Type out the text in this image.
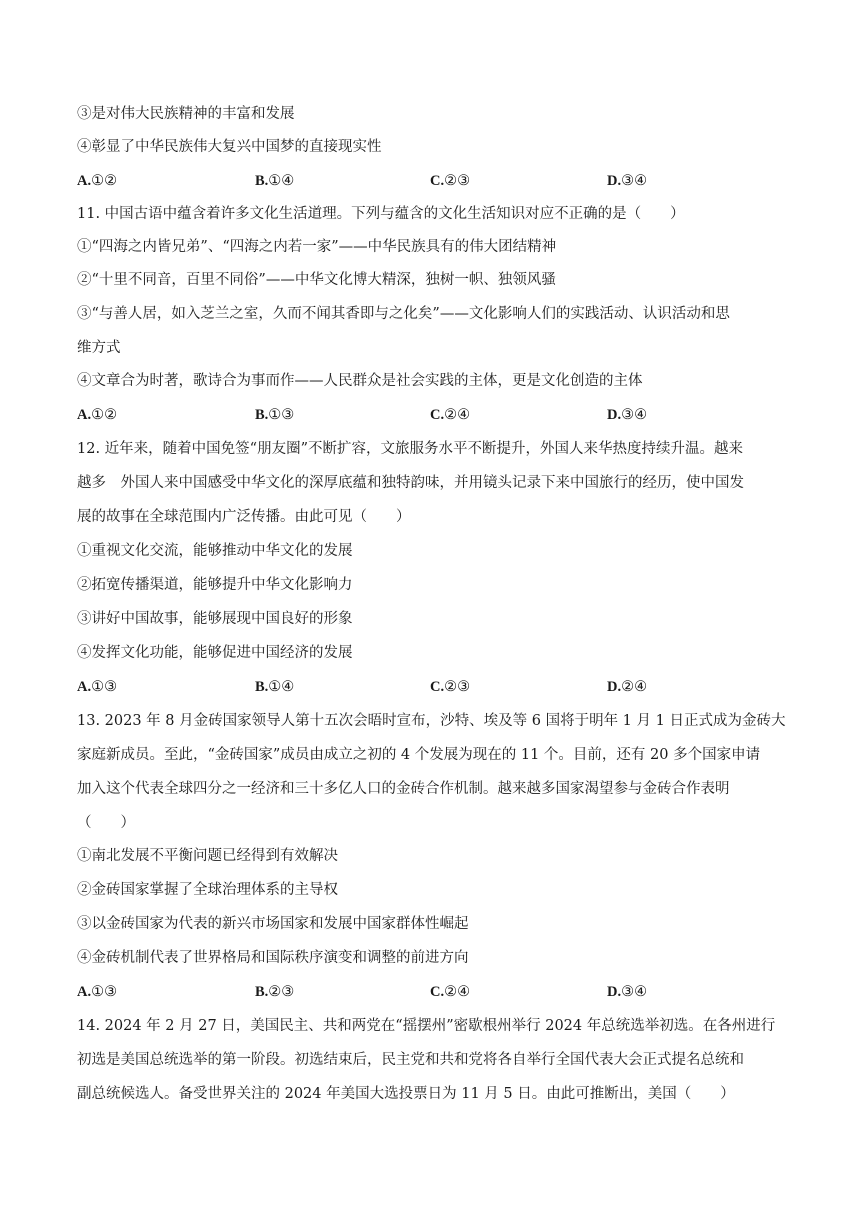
③是对伟大民族精神的丰富和发展
④彰显了中华民族伟大复兴中国梦的直接现实性
A.①②	B.①④	C.②③	D.③④
11. 中国古语中蕴含着许多文化生活道理。下列与蕴含的文化生活知识对应不正确的是（　　）
①“四海之内皆兄弟”、“四海之内若一家”——中华民族具有的伟大团结精神
②“十里不同音，百里不同俗”——中华文化博大精深，独树一帜、独领风骚
③“与善人居，如入芝兰之室，久而不闻其香即与之化矣”——文化影响人们的实践活动、认识活动和思
维方式
④文章合为时著，歌诗合为事而作——人民群众是社会实践的主体，更是文化创造的主体
A.①②	B.①③	C.②④	D.③④
12. 近年来，随着中国免签“朋友圈”不断扩容，文旅服务水平不断提升，外国人来华热度持续升温。越来
越多　外国人来中国感受中华文化的深厚底蕴和独特韵味，并用镜头记录下来中国旅行的经历，使中国发
展的故事在全球范围内广泛传播。由此可见（　　）
①重视文化交流，能够推动中华文化的发展
②拓宽传播渠道，能够提升中华文化影响力
③讲好中国故事，能够展现中国良好的形象
④发挥文化功能，能够促进中国经济的发展
A.①③	B.①④	C.②③	D.②④
13. 2023 年 8 月金砖国家领导人第十五次会晤时宣布，沙特、埃及等 6 国将于明年 1 月 1 日正式成为金砖大
家庭新成员。至此，“金砖国家”成员由成立之初的 4 个发展为现在的 11 个。目前，还有 20 多个国家申请
加入这个代表全球四分之一经济和三十多亿人口的金砖合作机制。越来越多国家渴望参与金砖合作表明
（　　）
①南北发展不平衡问题已经得到有效解决
②金砖国家掌握了全球治理体系的主导权
③以金砖国家为代表的新兴市场国家和发展中国家群体性崛起
④金砖机制代表了世界格局和国际秩序演变和调整的前进方向
A.①③	B.②③	C.②④	D.③④
14. 2024 年 2 月 27 日，美国民主、共和两党在“摇摆州”密歇根州举行 2024 年总统选举初选。在各州进行
初选是美国总统选举的第一阶段。初选结束后，民主党和共和党将各自举行全国代表大会正式提名总统和
副总统候选人。备受世界关注的 2024 年美国大选投票日为 11 月 5 日。由此可推断出，美国（　　）
